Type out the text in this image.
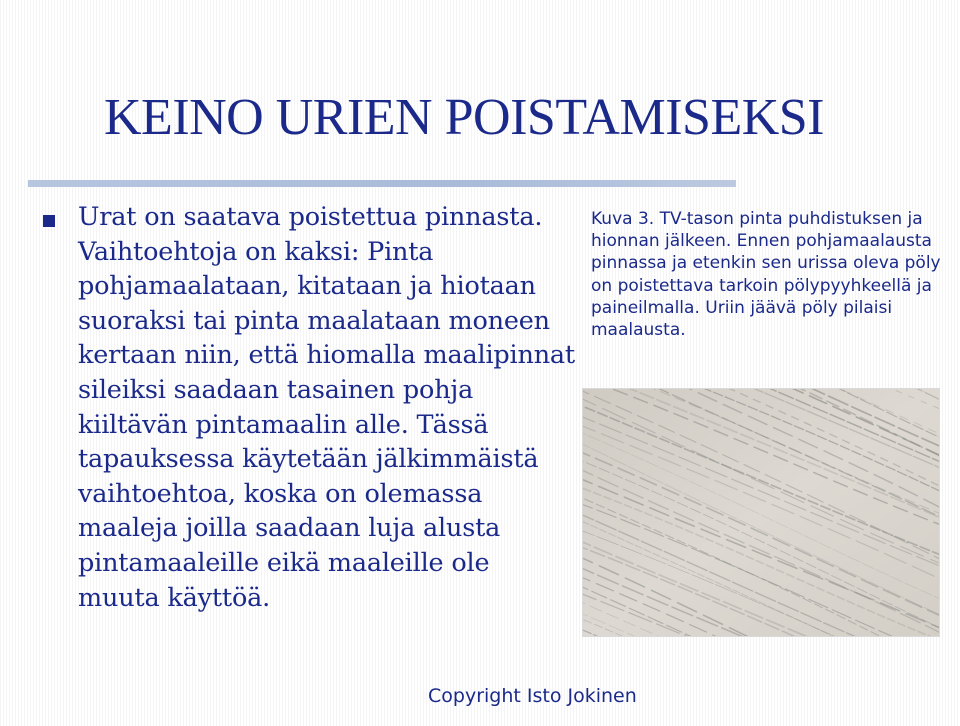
KEINO URIEN POISTAMISEKSI

Urat on saatava poistettua pinnasta. Vaihtoehtoja on kaksi: Pinta pohjamaalataan, kitataan ja hiotaan suoraksi tai pinta maalataan moneen kertaan niin, että hiomalla maalipinnat sileiksi saadaan tasainen pohja kiiltävän pintamaalin alle. Tässä tapauksessa käytetään jälkimmäistä vaihtoehtoa, koska on olemassa maaleja joilla saadaan luja alusta pintamaaleille eikä maaleille ole muuta käyttöä.

Kuva 3. TV-tason pinta puhdistuksen ja hionnan jälkeen. Ennen pohjamaalausta pinnassa ja etenkin sen urissa oleva pöly on poistettava tarkoin pölypyyhkeellä ja paineilmalla. Uriin jäävä pöly pilaisi maalausta.

Copyright Isto Jokinen
